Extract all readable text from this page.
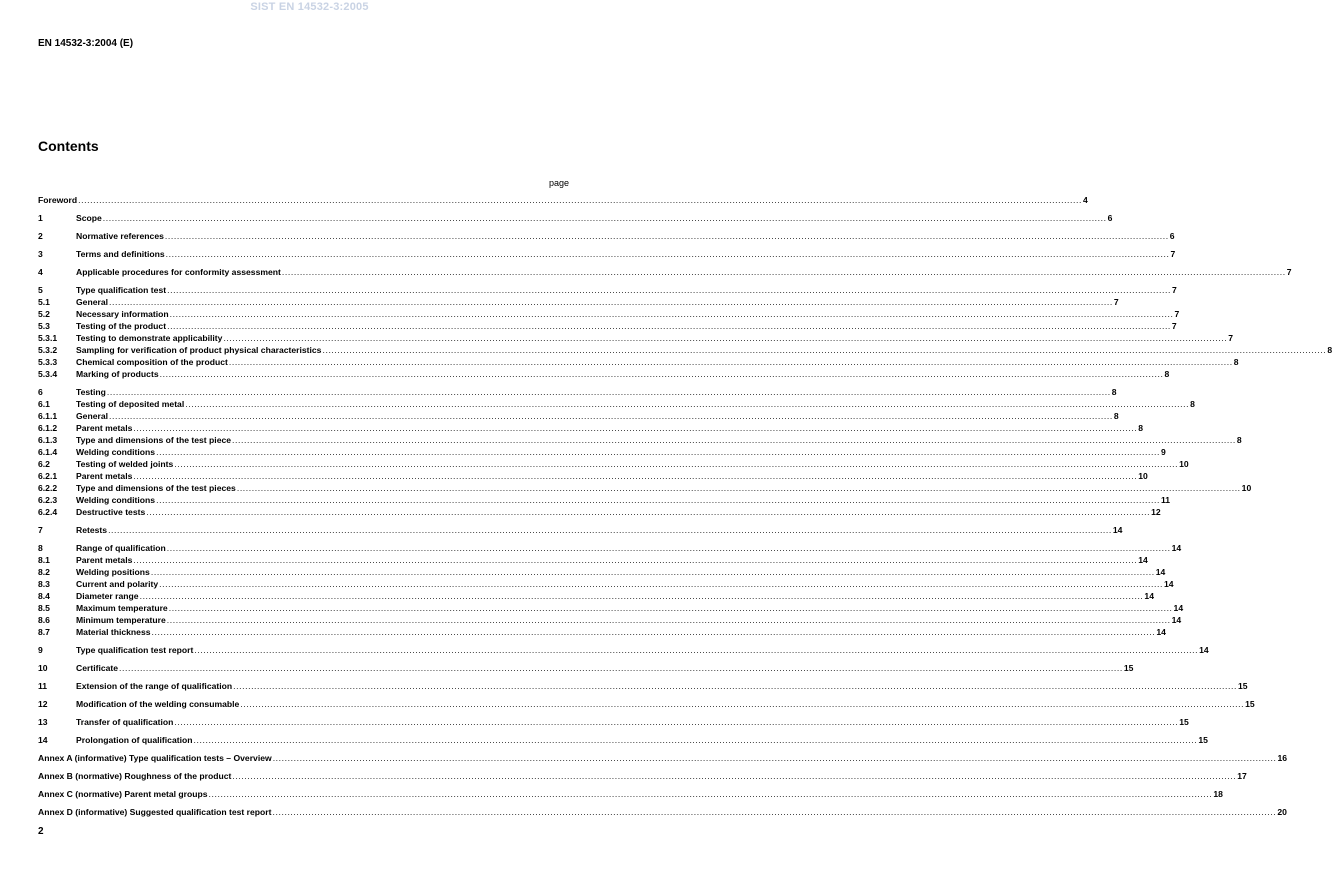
SIST EN 14532-3:2005
EN 14532-3:2004 (E)
Contents
page
Foreword .....	4
1	Scope .....	6
2	Normative references .....	6
3	Terms and definitions .....	7
4	Applicable procedures for conformity assessment .....	7
5	Type qualification test .....	7
5.1	General .....	7
5.2	Necessary information .....	7
5.3	Testing of the product .....	7
5.3.1	Testing to demonstrate applicability .....	7
5.3.2	Sampling for verification of product physical characteristics .....	8
5.3.3	Chemical composition of the product .....	8
5.3.4	Marking of products .....	8
6	Testing .....	8
6.1	Testing of deposited metal .....	8
6.1.1	General .....	8
6.1.2	Parent metals .....	8
6.1.3	Type and dimensions of the test piece .....	8
6.1.4	Welding conditions .....	9
6.2	Testing of welded joints .....	10
6.2.1	Parent metals .....	10
6.2.2	Type and dimensions of the test pieces .....	10
6.2.3	Welding conditions .....	11
6.2.4	Destructive tests .....	12
7	Retests .....	14
8	Range of qualification .....	14
8.1	Parent metals .....	14
8.2	Welding positions .....	14
8.3	Current and polarity .....	14
8.4	Diameter range .....	14
8.5	Maximum temperature .....	14
8.6	Minimum temperature .....	14
8.7	Material thickness .....	14
9	Type qualification test report .....	14
10	Certificate .....	15
11	Extension of the range of qualification .....	15
12	Modification of the welding consumable .....	15
13	Transfer of qualification .....	15
14	Prolongation of qualification .....	15
Annex A (informative) Type qualification tests – Overview .....	16
Annex B (normative) Roughness of the product .....	17
Annex C (normative) Parent metal groups .....	18
Annex D (informative) Suggested qualification test report .....	20
2
